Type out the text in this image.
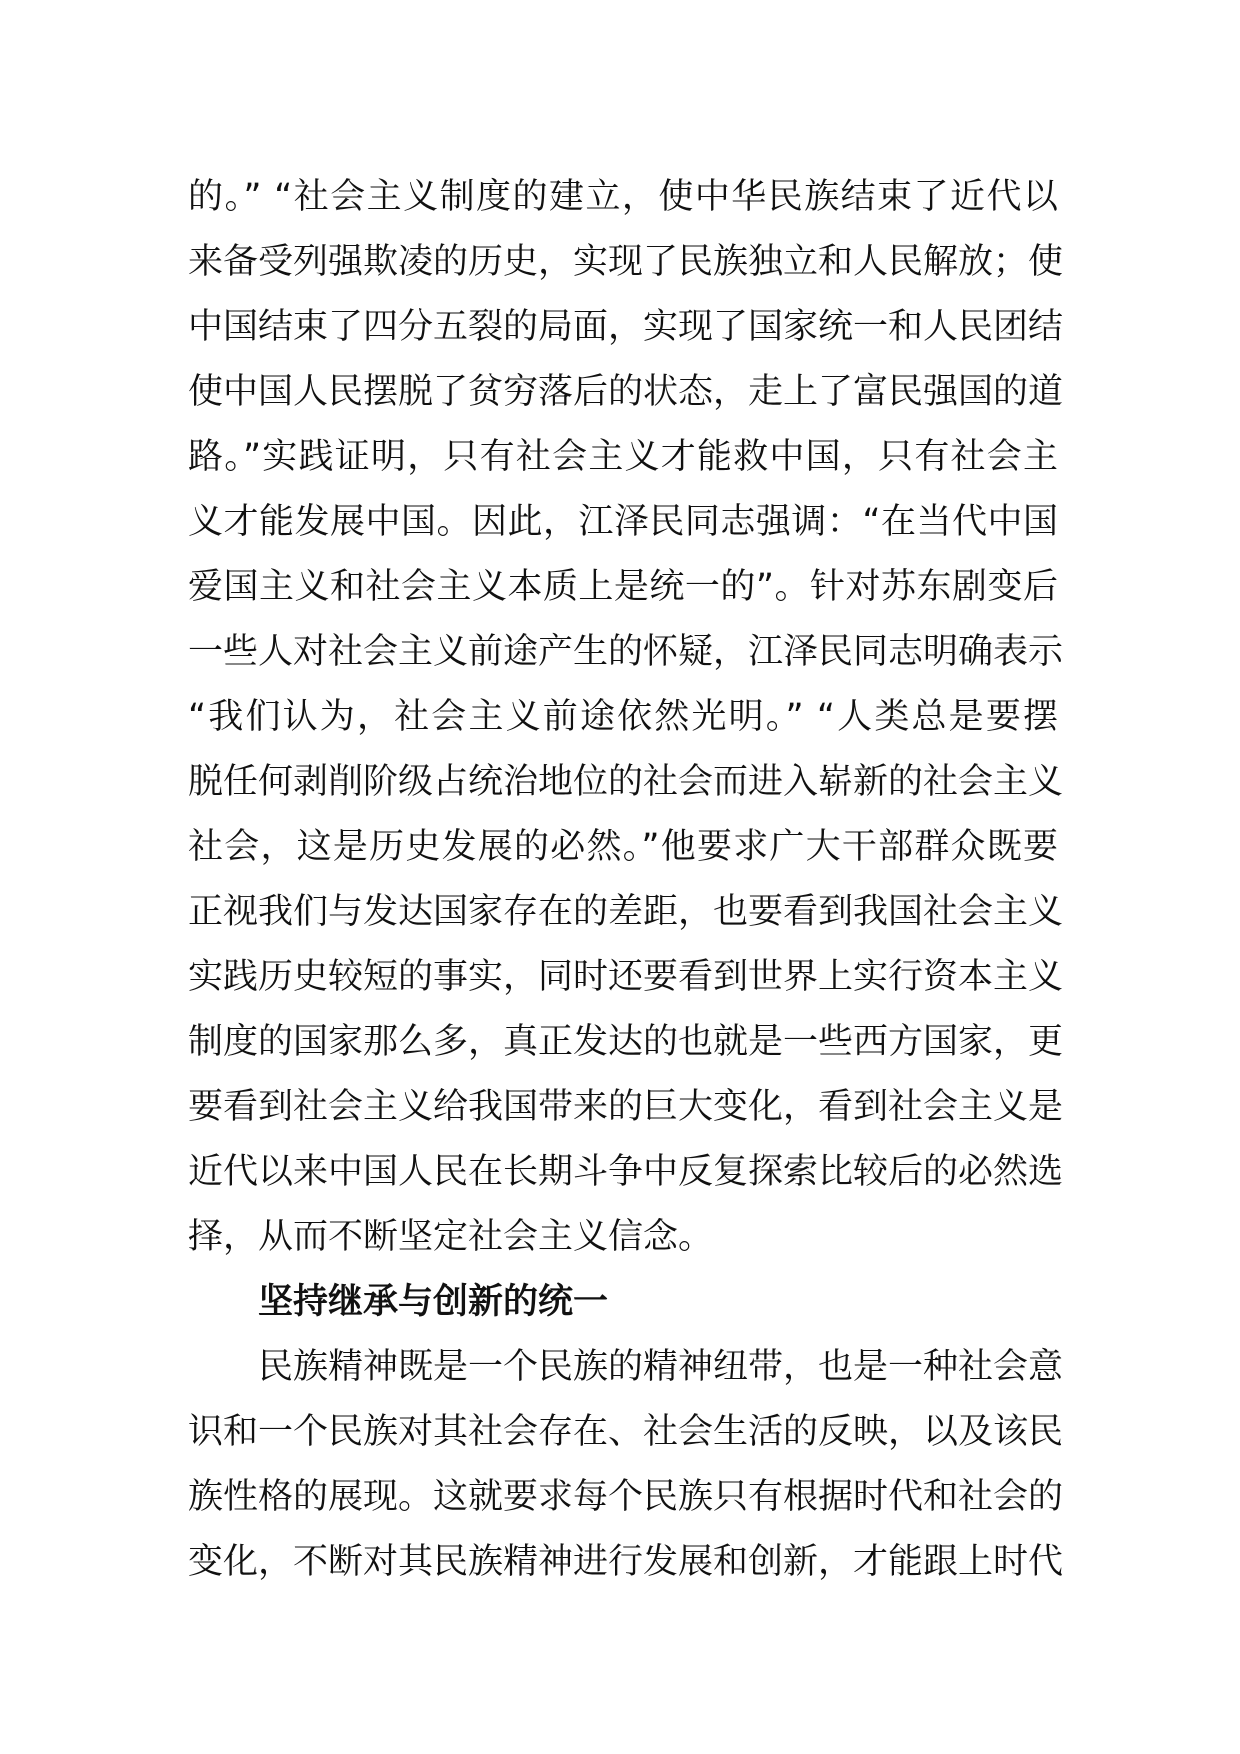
的。” “社会主义制度的建立，使中华民族结束了近代以
来备受列强欺凌的历史，实现了民族独立和人民解放；使
中国结束了四分五裂的局面，实现了国家统一和人民团结
使中国人民摆脱了贫穷落后的状态，走上了富民强国的道
路。”实践证明，只有社会主义才能救中国，只有社会主
义才能发展中国。因此，江泽民同志强调：“在当代中国
爱国主义和社会主义本质上是统一的”。针对苏东剧变后
一些人对社会主义前途产生的怀疑，江泽民同志明确表示
“我们认为，社会主义前途依然光明。” “人类总是要摆
脱任何剥削阶级占统治地位的社会而进入崭新的社会主义
社会，这是历史发展的必然。”他要求广大干部群众既要
正视我们与发达国家存在的差距，也要看到我国社会主义
实践历史较短的事实，同时还要看到世界上实行资本主义
制度的国家那么多，真正发达的也就是一些西方国家，更
要看到社会主义给我国带来的巨大变化，看到社会主义是
近代以来中国人民在长期斗争中反复探索比较后的必然选
择，从而不断坚定社会主义信念。
坚持继承与创新的统一
民族精神既是一个民族的精神纽带，也是一种社会意
识和一个民族对其社会存在、社会生活的反映，以及该民
族性格的展现。这就要求每个民族只有根据时代和社会的
变化，不断对其民族精神进行发展和创新，才能跟上时代
